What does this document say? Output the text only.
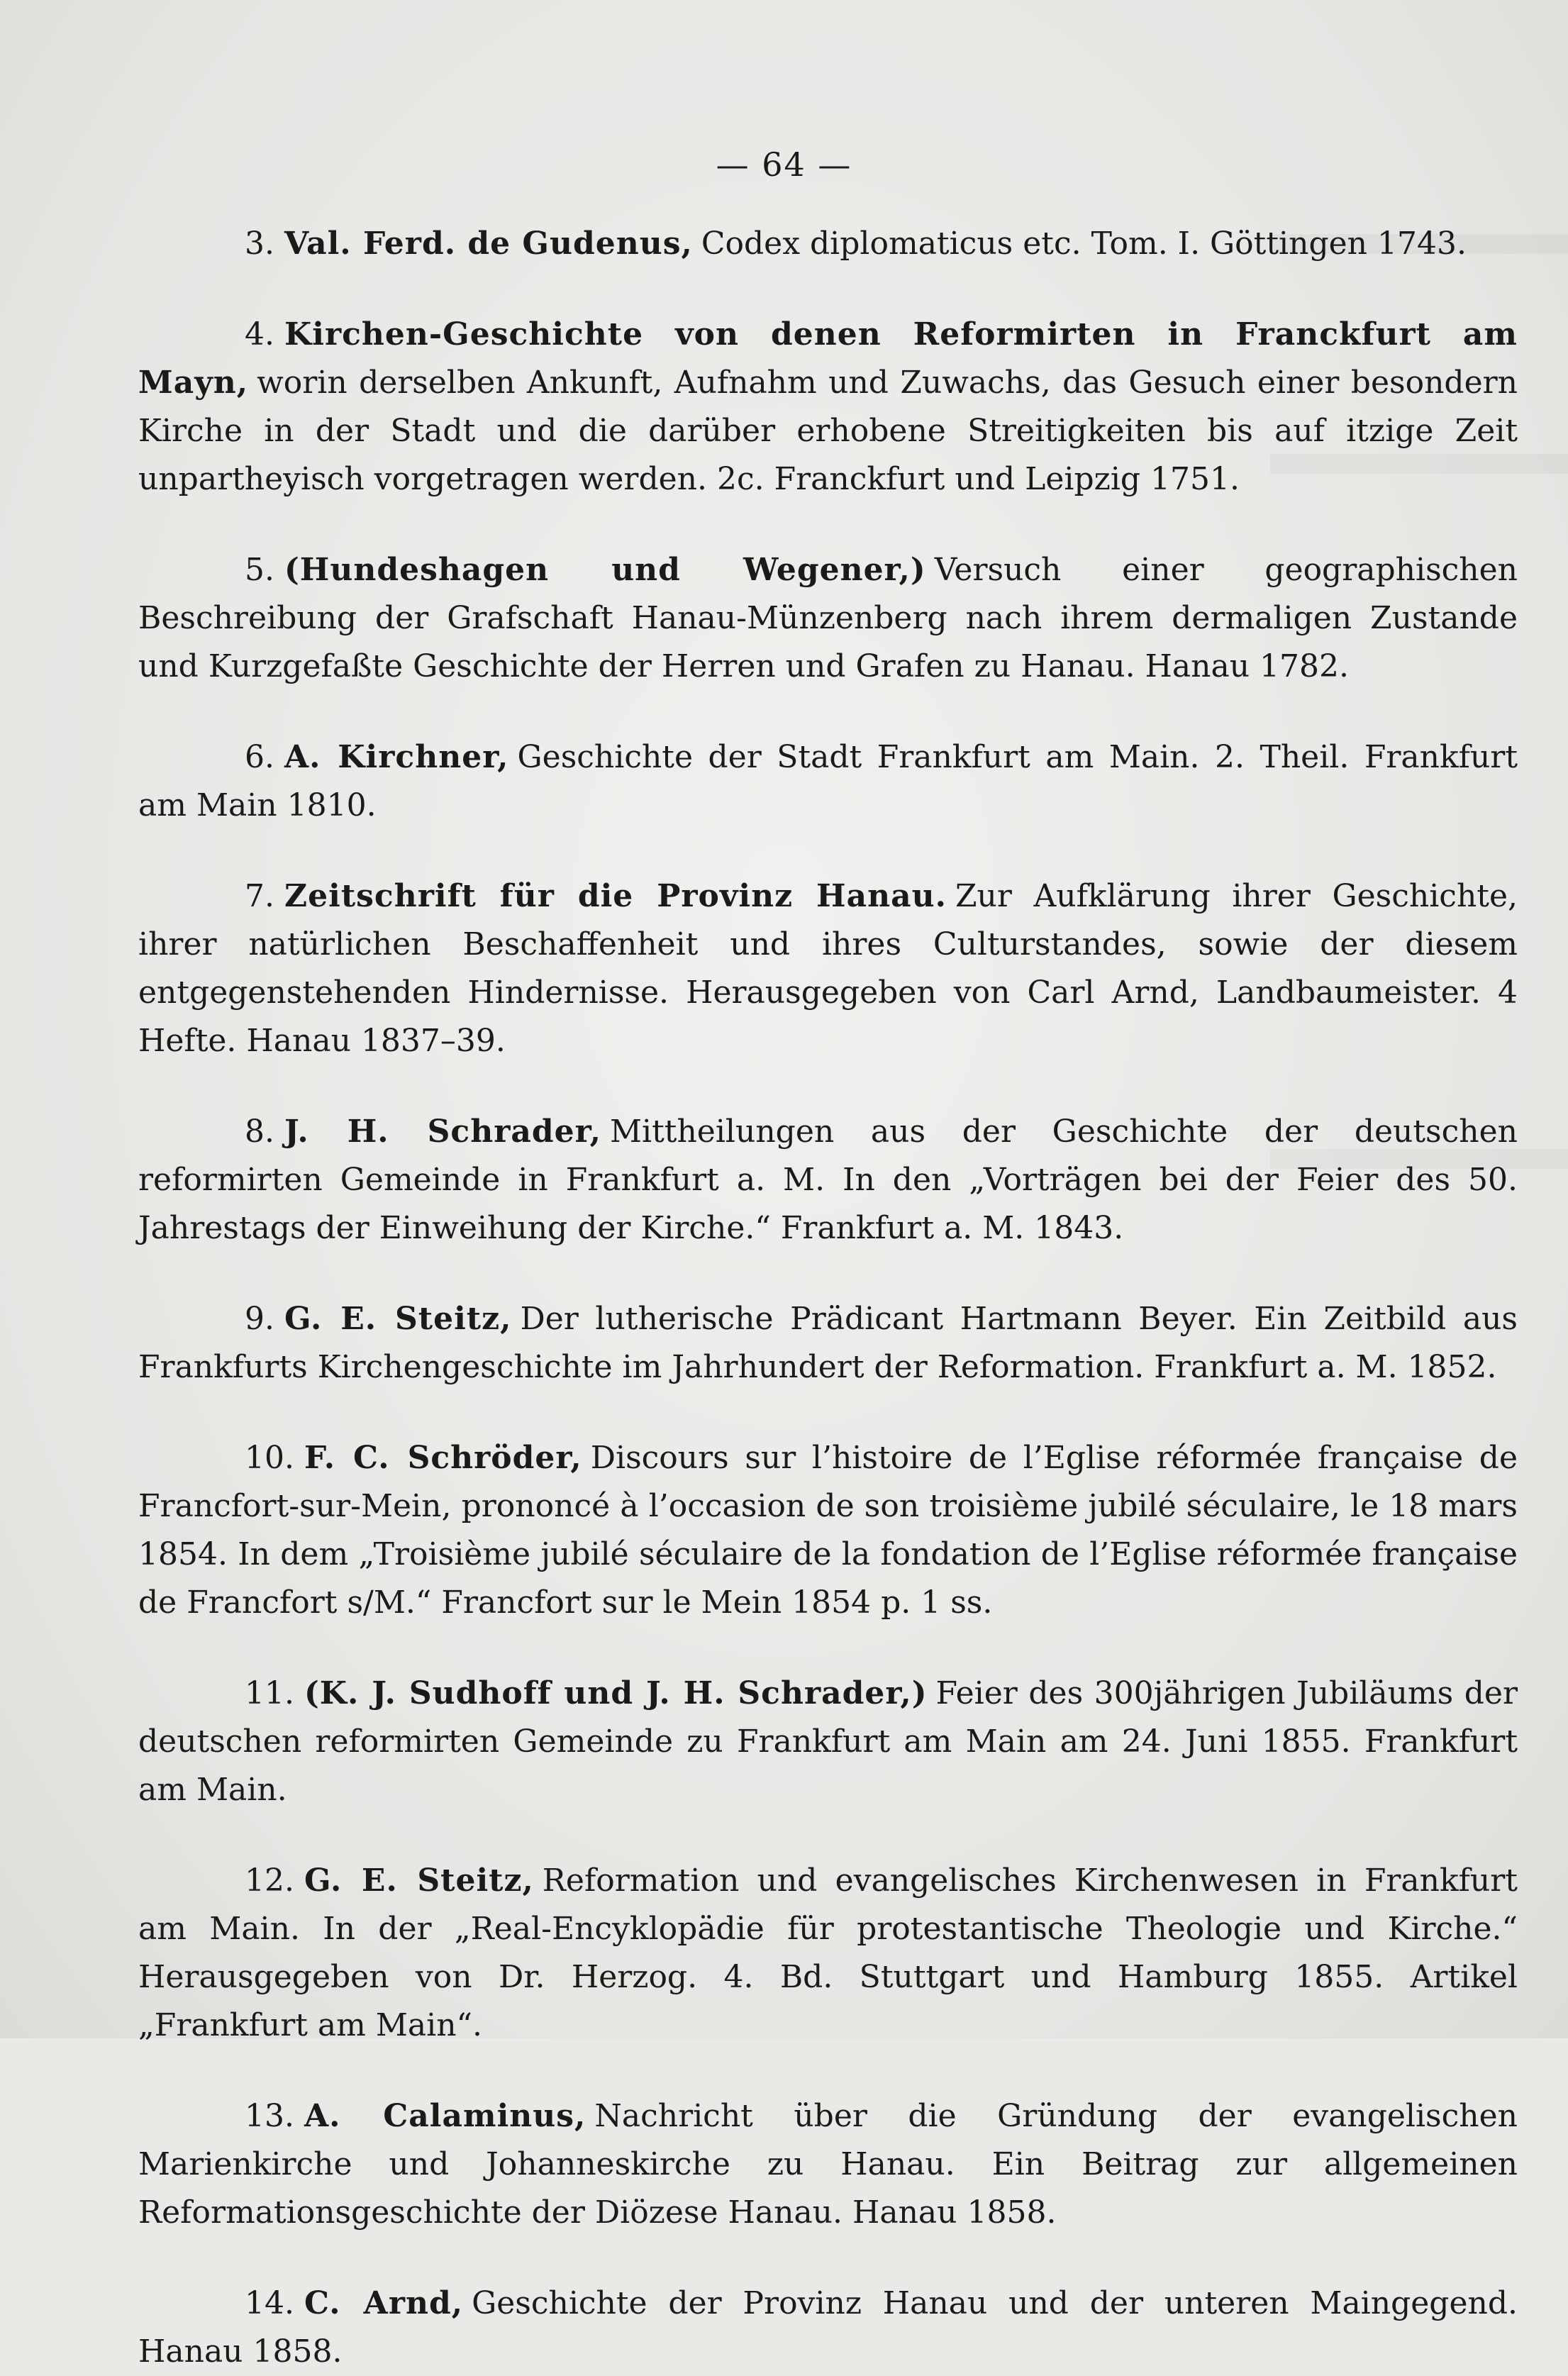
— 64 —

3. Val. Ferd. de Gudenus, Codex diplomaticus etc. Tom. I. Göttingen 1743.

4. Kirchen-Geschichte von denen Reformirten in Franckfurt am Mayn, worin derselben Ankunft, Aufnahm und Zuwachs, das Gesuch einer besondern Kirche in der Stadt und die darüber erhobene Streitigkeiten bis auf itzige Zeit unpartheyisch vorgetragen werden. 2c. Franckfurt und Leipzig 1751.

5. (Hundeshagen und Wegener,) Versuch einer geographischen Beschreibung der Grafschaft Hanau-Münzenberg nach ihrem dermaligen Zustande und Kurzgefaßte Geschichte der Herren und Grafen zu Hanau. Hanau 1782.

6. A. Kirchner, Geschichte der Stadt Frankfurt am Main. 2. Theil. Frankfurt am Main 1810.

7. Zeitschrift für die Provinz Hanau. Zur Aufklärung ihrer Geschichte, ihrer natürlichen Beschaffenheit und ihres Culturstandes, sowie der diesem entgegenstehenden Hindernisse. Herausgegeben von Carl Arnd, Landbaumeister. 4 Hefte. Hanau 1837–39.

8. J. H. Schrader, Mittheilungen aus der Geschichte der deutschen reformirten Gemeinde in Frankfurt a. M. In den „Vorträgen bei der Feier des 50. Jahrestags der Einweihung der Kirche.“ Frankfurt a. M. 1843.

9. G. E. Steitz, Der lutherische Prädicant Hartmann Beyer. Ein Zeitbild aus Frankfurts Kirchengeschichte im Jahrhundert der Reformation. Frankfurt a. M. 1852.

10. F. C. Schröder, Discours sur l’histoire de l’Eglise réformée française de Francfort-sur-Mein, prononcé à l’occasion de son troisième jubilé séculaire, le 18 mars 1854. In dem „Troisième jubilé séculaire de la fondation de l’Eglise réformée française de Francfort s/M.“ Francfort sur le Mein 1854 p. 1 ss.

11. (K. J. Sudhoff und J. H. Schrader,) Feier des 300jährigen Jubiläums der deutschen reformirten Gemeinde zu Frankfurt am Main am 24. Juni 1855. Frankfurt am Main.

12. G. E. Steitz, Reformation und evangelisches Kirchenwesen in Frankfurt am Main. In der „Real-Encyklopädie für protestantische Theologie und Kirche.“ Herausgegeben von Dr. Herzog. 4. Bd. Stuttgart und Hamburg 1855. Artikel „Frankfurt am Main“.

13. A. Calaminus, Nachricht über die Gründung der evangelischen Marienkirche und Johanneskirche zu Hanau. Ein Beitrag zur allgemeinen Reformationsgeschichte der Diözese Hanau. Hanau 1858.

14. C. Arnd, Geschichte der Provinz Hanau und der unteren Maingegend. Hanau 1858.
